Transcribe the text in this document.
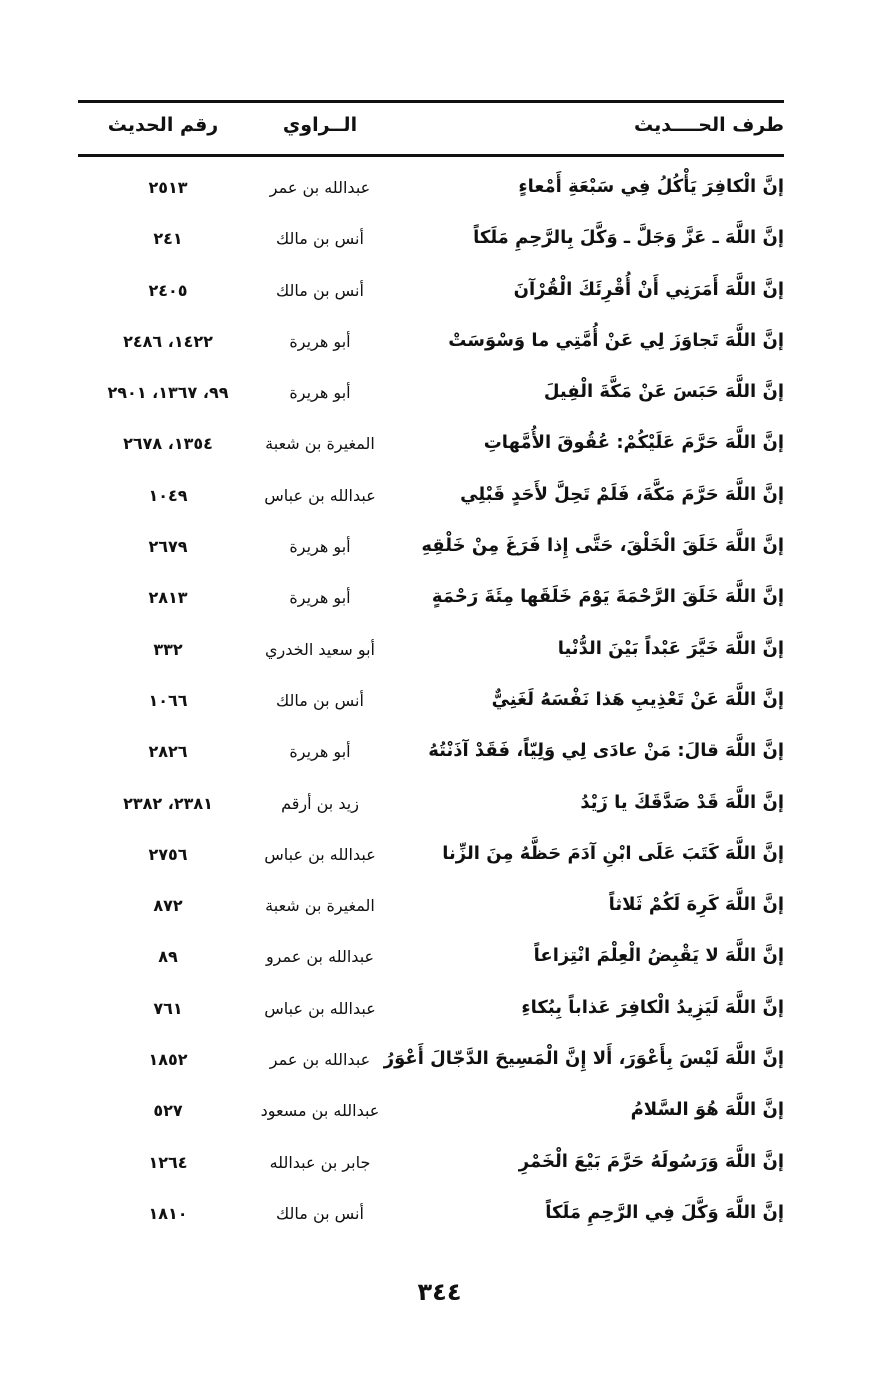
طرف الحــــديث
الــراوي
رقم الحديث
إنَّ الْكافِرَ يَأْكُلُ فِي سَبْعَةِ أَمْعاءٍ
عبدالله بن عمر
٢٥١٣
إنَّ اللَّهَ ـ عَزَّ وَجَلَّ ـ وَكَّلَ بِالرَّحِمِ مَلَكاً
أنس بن مالك
٢٤١
إنَّ اللَّهَ أَمَرَنِي أَنْ أُقْرِئَكَ الْقُرْآنَ
أنس بن مالك
٢٤٠٥
إنَّ اللَّهَ تَجاوَزَ لِي عَنْ أُمَّتِي ما وَسْوَسَتْ
أبو هريرة
١٤٢٢، ٢٤٨٦
إنَّ اللَّهَ حَبَسَ عَنْ مَكَّةَ الْفِيلَ
أبو هريرة
٩٩، ١٣٦٧، ٢٩٠١
إنَّ اللَّهَ حَرَّمَ عَلَيْكُمْ: عُقُوقَ الأُمَّهاتِ
المغيرة بن شعبة
١٣٥٤، ٢٦٧٨
إنَّ اللَّهَ حَرَّمَ مَكَّةَ، فَلَمْ تَحِلَّ لأَحَدٍ قَبْلِي
عبدالله بن عباس
١٠٤٩
إنَّ اللَّهَ خَلَقَ الْخَلْقَ، حَتَّى إِذا فَرَغَ مِنْ خَلْقِهِ
أبو هريرة
٢٦٧٩
إنَّ اللَّهَ خَلَقَ الرَّحْمَةَ يَوْمَ خَلَقَها مِئَةَ رَحْمَةٍ
أبو هريرة
٢٨١٣
إنَّ اللَّهَ خَيَّرَ عَبْداً بَيْنَ الدُّنْيا
أبو سعيد الخدري
٣٣٢
إنَّ اللَّهَ عَنْ تَعْذِيبِ هَذا نَفْسَهُ لَغَنِيٌّ
أنس بن مالك
١٠٦٦
إنَّ اللَّهَ قالَ: مَنْ عادَى لِي وَلِيّاً، فَقَدْ آذَنْتُهُ
أبو هريرة
٢٨٢٦
إنَّ اللَّهَ قَدْ صَدَّقَكَ يا زَيْدُ
زيد بن أرقم
٢٣٨١، ٢٣٨٢
إنَّ اللَّهَ كَتَبَ عَلَى ابْنِ آدَمَ حَظَّهُ مِنَ الزِّنا
عبدالله بن عباس
٢٧٥٦
إنَّ اللَّهَ كَرِهَ لَكُمْ ثَلاثاً
المغيرة بن شعبة
٨٧٢
إنَّ اللَّهَ لا يَقْبِضُ الْعِلْمَ انْتِزاعاً
عبدالله بن عمرو
٨٩
إنَّ اللَّهَ لَيَزِيدُ الْكافِرَ عَذاباً بِبُكاءِ
عبدالله بن عباس
٧٦١
إنَّ اللَّهَ لَيْسَ بِأَعْوَرَ، أَلا إِنَّ الْمَسِيحَ الدَّجّالَ أَعْوَرُ
عبدالله بن عمر
١٨٥٢
إنَّ اللَّهَ هُوَ السَّلامُ
عبدالله بن مسعود
٥٢٧
إنَّ اللَّهَ وَرَسُولَهُ حَرَّمَ بَيْعَ الْخَمْرِ
جابر بن عبدالله
١٢٦٤
إنَّ اللَّهَ وَكَّلَ فِي الرَّحِمِ مَلَكاً
أنس بن مالك
١٨١٠
٣٤٤
